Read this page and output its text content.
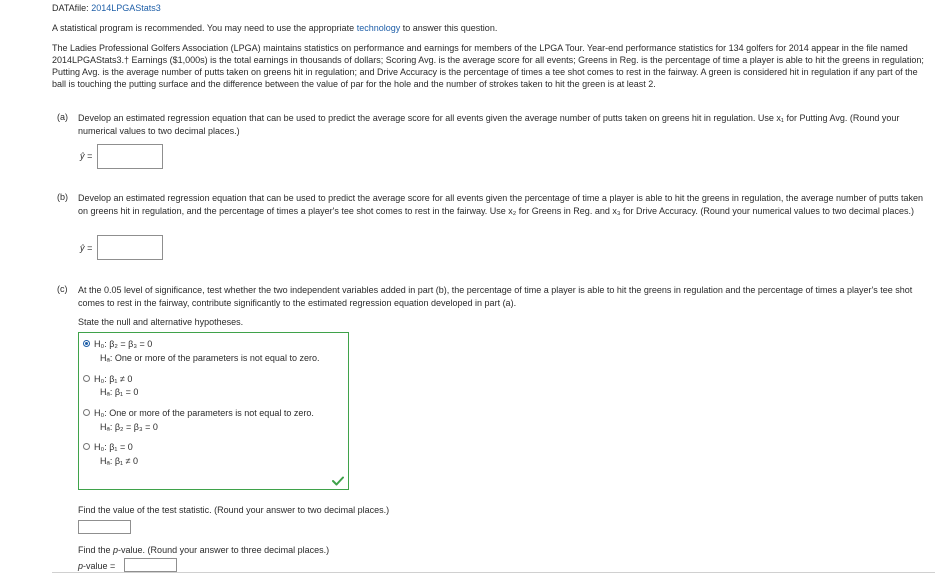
DATAfile: 2014LPGAStats3
A statistical program is recommended. You may need to use the appropriate technology to answer this question.
The Ladies Professional Golfers Association (LPGA) maintains statistics on performance and earnings for members of the LPGA Tour. Year-end performance statistics for 134 golfers for 2014 appear in the file named 2014LPGAStats3.† Earnings ($1,000s) is the total earnings in thousands of dollars; Scoring Avg. is the average score for all events; Greens in Reg. is the percentage of time a player is able to hit the greens in regulation; Putting Avg. is the average number of putts taken on greens hit in regulation; and Drive Accuracy is the percentage of times a tee shot comes to rest in the fairway. A green is considered hit in regulation if any part of the ball is touching the putting surface and the difference between the value of par for the hole and the number of strokes taken to hit the green is at least 2.
(a) Develop an estimated regression equation that can be used to predict the average score for all events given the average number of putts taken on greens hit in regulation. Use x₁ for Putting Avg. (Round your numerical values to two decimal places.)
ŷ =
(b) Develop an estimated regression equation that can be used to predict the average score for all events given the percentage of time a player is able to hit the greens in regulation, the average number of putts taken on greens hit in regulation, and the percentage of times a player's tee shot comes to rest in the fairway. Use x₂ for Greens in Reg. and x₃ for Drive Accuracy. (Round your numerical values to two decimal places.)
ŷ =
(c) At the 0.05 level of significance, test whether the two independent variables added in part (b), the percentage of time a player is able to hit the greens in regulation and the percentage of times a player's tee shot comes to rest in the fairway, contribute significantly to the estimated regression equation developed in part (a).
State the null and alternative hypotheses.
H₀: β₂ = β₃ = 0
Hₐ: One or more of the parameters is not equal to zero.
H₀: β₁ ≠ 0
Hₐ: β₁ = 0
H₀: One or more of the parameters is not equal to zero.
Hₐ: β₂ = β₃ = 0
H₀: β₁ = 0
Hₐ: β₁ ≠ 0
Find the value of the test statistic. (Round your answer to two decimal places.)
Find the p-value. (Round your answer to three decimal places.)
p-value =
